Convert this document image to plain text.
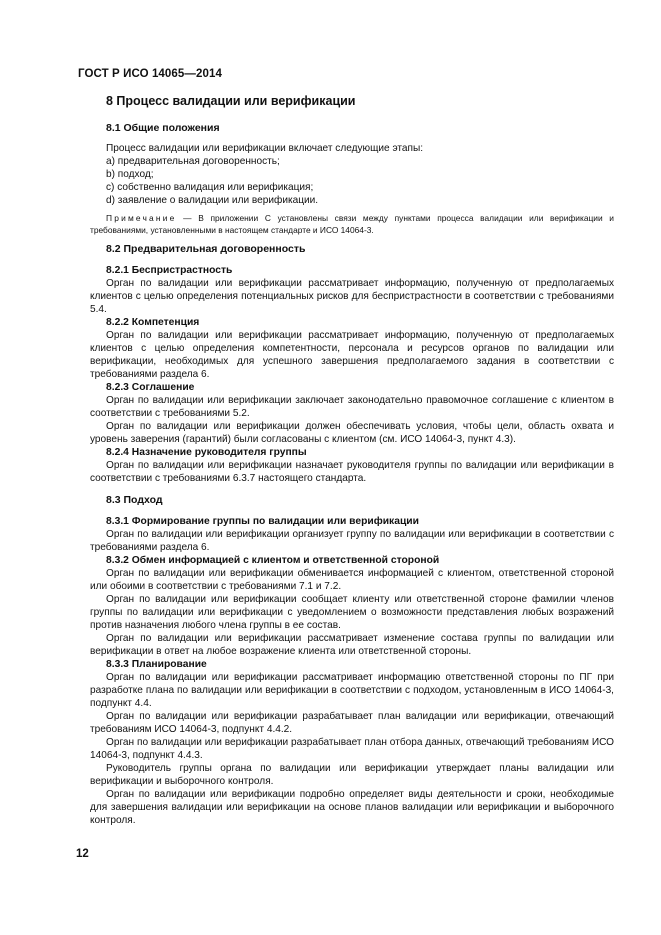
ГОСТ Р ИСО 14065—2014
8 Процесс валидации или верификации
8.1 Общие положения

Процесс валидации или верификации включает следующие этапы:

a) предварительная договоренность;
b) подход;
c) собственно валидация или верификация;
d) заявление о валидации или верификации.

Примечание — В приложении С установлены связи между пунктами процесса валидации или верификации и требованиями, установленными в настоящем стандарте и ИСО 14064-3.

8.2 Предварительная договоренность
8.2.1 Беспристрастность

Орган по валидации или верификации рассматривает информацию, полученную от предполагаемых клиентов с целью определения потенциальных рисков для беспристрастности в соответствии с требованиями 5.4.

8.2.2 Компетенция

Орган по валидации или верификации рассматривает информацию, полученную от предполагаемых клиентов с целью определения компетентности, персонала и ресурсов органов по валидации или верификации, необходимых для успешного завершения предполагаемого задания в соответствии с требованиями раздела 6.

8.2.3 Соглашение

Орган по валидации или верификации заключает законодательно правомочное соглашение с клиентом в соответствии с требованиями 5.2.

Орган по валидации или верификации должен обеспечивать условия, чтобы цели, область охвата и уровень заверения (гарантий) были согласованы с клиентом (см. ИСО 14064-3, пункт 4.3).

8.2.4 Назначение руководителя группы

Орган по валидации или верификации назначает руководителя группы по валидации или верификации в соответствии с требованиями 6.3.7 настоящего стандарта.

8.3 Подход
8.3.1 Формирование группы по валидации или верификации

Орган по валидации или верификации организует группу по валидации или верификации в соответствии с требованиями раздела 6.

8.3.2 Обмен информацией с клиентом и ответственной стороной

Орган по валидации или верификации обменивается информацией с клиентом, ответственной стороной или обоими в соответствии с требованиями 7.1 и 7.2.

Орган по валидации или верификации сообщает клиенту или ответственной стороне фамилии членов группы по валидации или верификации с уведомлением о возможности представления любых возражений против назначения любого члена группы в ее состав.

Орган по валидации или верификации рассматривает изменение состава группы по валидации или верификации в ответ на любое возражение клиента или ответственной стороны.

8.3.3 Планирование

Орган по валидации или верификации рассматривает информацию ответственной стороны по ПГ при разработке плана по валидации или верификации в соответствии с подходом, установленным в ИСО 14064-3, подпункт 4.4.

Орган по валидации или верификации разрабатывает план валидации или верификации, отвечающий требованиям ИСО 14064-3, подпункт 4.4.2.

Орган по валидации или верификации разрабатывает план отбора данных, отвечающий требованиям ИСО 14064-3, подпункт 4.4.3.

Руководитель группы органа по валидации или верификации утверждает планы валидации или верификации и выборочного контроля.

Орган по валидации или верификации подробно определяет виды деятельности и сроки, необходимые для завершения валидации или верификации на основе планов валидации или верификации и выборочного контроля.

12
